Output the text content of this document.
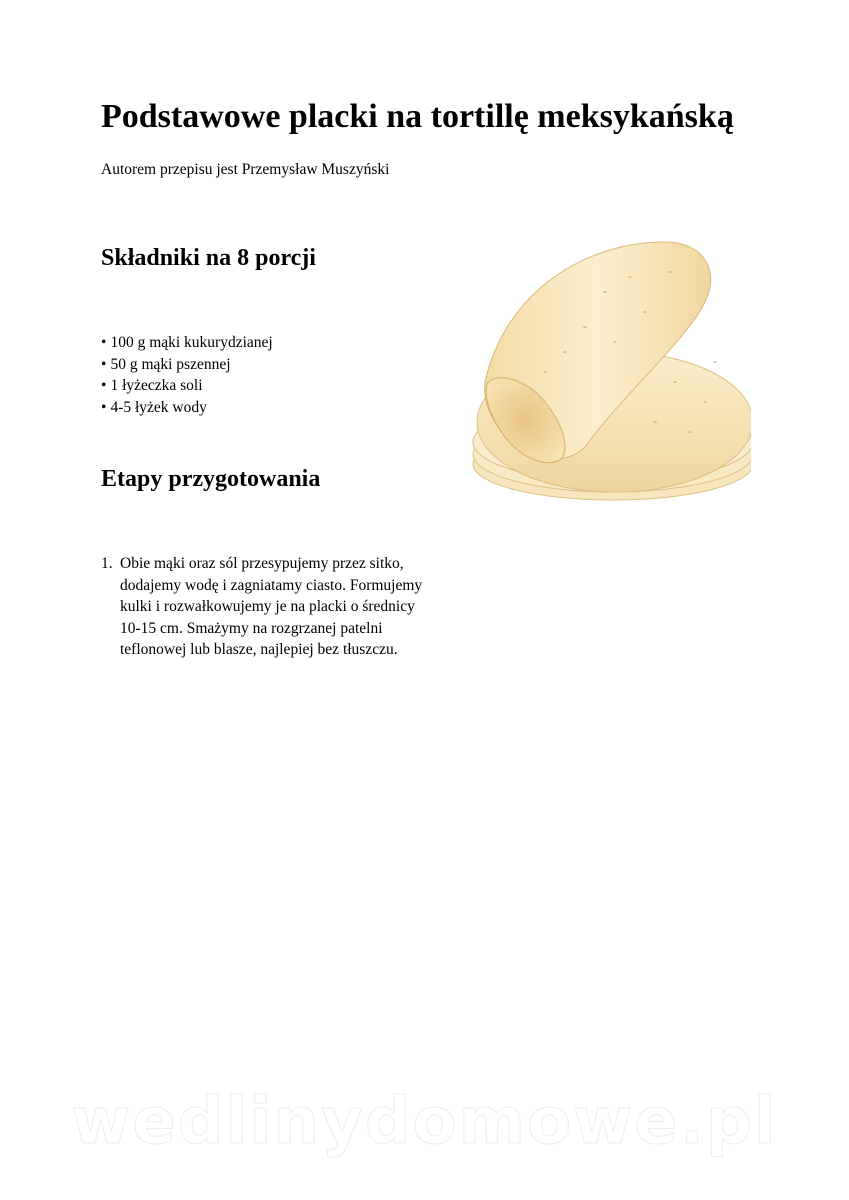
Podstawowe placki na tortillę meksykańską

Autorem przepisu jest Przemysław Muszyński

Składniki na 8 porcji
• 100 g mąki kukurydzianej
• 50 g mąki pszennej
• 1 łyżeczka soli
• 4-5 łyżek wody
Etapy przygotowania
1. Obie mąki oraz sól przesypujemy przez sitko,
dodajemy wodę i zagniatamy ciasto. Formujemy
kulki i rozwałkowujemy je na placki o średnicy
10-15 cm. Smażymy na rozgrzanej patelni
teflonowej lub blasze, najlepiej bez tłuszczu.
wedlinydomowe.pl
